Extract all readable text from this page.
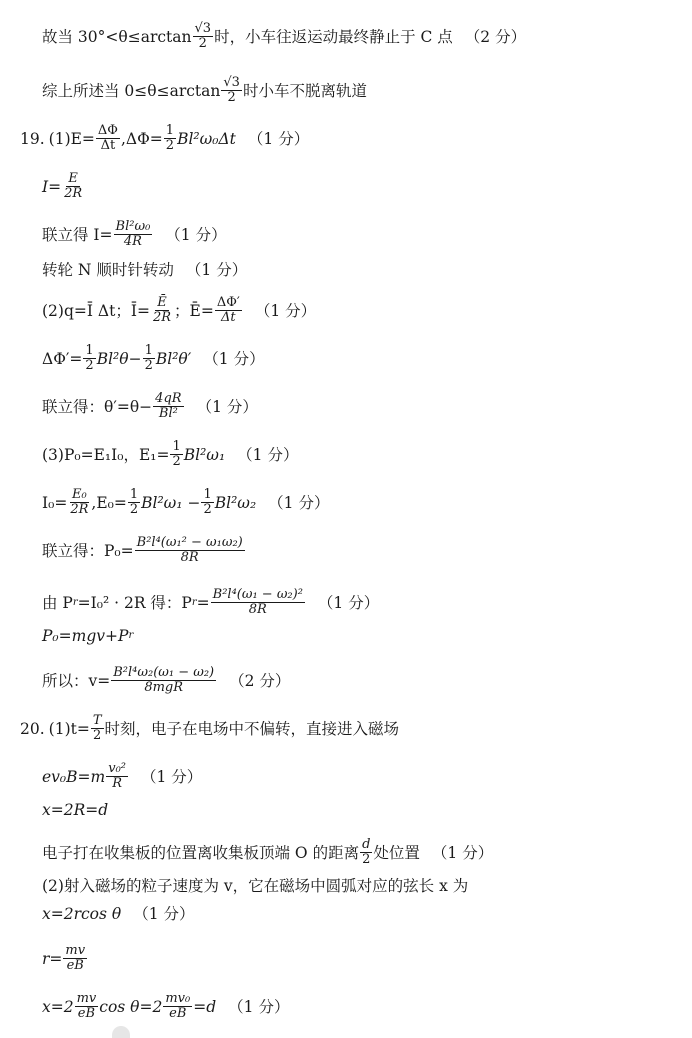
故当 $30^\circ<\theta\le\arctan \frac{√3}{2}$ 时，小车往返运动最终静止于 C 点 （2 分）
综上所述当 $0\le\theta\le\arctan \frac{√3}{2}$ 时小车不脱离轨道
19. $(1)E= \frac{\Delta\Phi}{\Delta t} ,\Delta\Phi= \frac{1}{2} Bl^2\omega_0\Delta t$ （1 分）
$I= \frac{E}{2R}$
联立得 $I= \frac{\text{Bl²ω₀}}{4R} (1$ 分）
转轮 N 顺时针转动 （1 分）
(2)q=Ī Δt；Ī= $\frac{Ē}{2R}$ ；Ē= $\frac{\Delta\Phi'}{\Delta t} (1$ 分）
$\Delta\Phi'= \frac{1}{2} Bl^2\theta- \frac{1}{2} Bl^2\theta'$ （1 分）
联立得：$\theta'=\theta- \frac{4qR}{\text{Bl²}} (1$ 分）
(3)P₀=E₁I₀，$E_1= \frac{1}{2} Bl^2\omega_1$ （1 分）
$I_0= \frac{\text{E₀}}{2R} ,E_0= \frac{1}{2} Bl^2\omega_1 - \frac{1}{2} Bl^2\omega_2$ （1 分）
联立得：$P_0= \frac{\text{B²l⁴(ω₁² − ω₁ω₂)}}{8R}$
由 P r =I₀² · 2R 得：P $r = \frac{\text{B²l⁴(ω₁ − ω₂)²}}{8R} (1$ 分）
P₀=mgv+P r
所以：$v= \frac{\text{B²l⁴ω₂(ω₁ − ω₂)}}{\text{8mgR}} (2$ 分）
20. $(1)t= \frac{T}{2}$ 时刻，电子在电场中不偏转，直接进入磁场
$ev_0B=m \frac{\text{v₀²}}{R} (1$ 分）
x=2R=d
电子打在收集板的位置离收集板顶端 O 的距离 $\frac{d}{2}$ 处位置 （1 分）
(2)射入磁场的粒子速度为 v，它在磁场中圆弧对应的弦长 x 为
x=2rcos θ （1 分）
$r= \frac{mv}{eB}$
$x=2 \frac{mv}{eB}$ $\cos \theta=2 \frac{\text{mv₀}}{eB} =d$ （1 分）
